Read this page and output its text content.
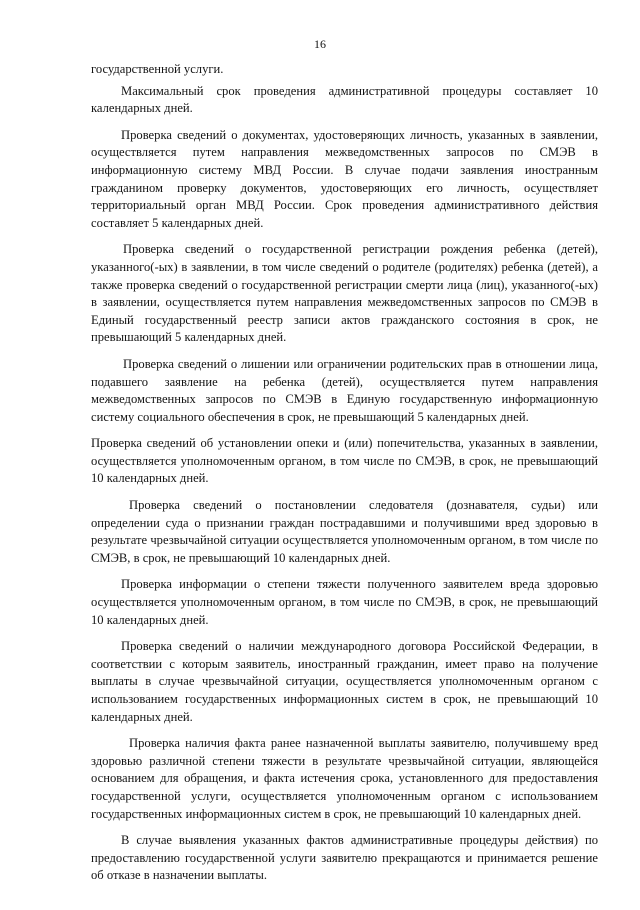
16

государственной услуги.

Максимальный срок проведения административной процедуры составляет 10 календарных дней.

Проверка сведений о документах, удостоверяющих личность, указанных в заявлении, осуществляется путем направления межведомственных запросов по СМЭВ в информационную систему МВД России. В случае подачи заявления иностранным гражданином проверку документов, удостоверяющих его личность, осуществляет территориальный орган МВД России. Срок проведения административного действия составляет 5 календарных дней.

Проверка сведений о государственной регистрации рождения ребенка (детей), указанного(-ых) в заявлении, в том числе сведений о родителе (родителях) ребенка (детей), а также проверка сведений о государственной регистрации смерти лица (лиц), указанного(-ых) в заявлении, осуществляется путем направления межведомственных запросов по СМЭВ в Единый государственный реестр записи актов гражданского состояния в срок, не превышающий 5 календарных дней.

Проверка сведений о лишении или ограничении родительских прав в отношении лица, подавшего заявление на ребенка (детей), осуществляется путем направления межведомственных запросов по СМЭВ в Единую государственную информационную систему социального обеспечения в срок, не превышающий 5 календарных дней.

Проверка сведений об установлении опеки и (или) попечительства, указанных в заявлении, осуществляется уполномоченным органом, в том числе по СМЭВ, в срок, не превышающий 10 календарных дней.

Проверка сведений о постановлении следователя (дознавателя, судьи) или определении суда о признании граждан пострадавшими и получившими вред здоровью в результате чрезвычайной ситуации осуществляется уполномоченным органом, в том числе по СМЭВ, в срок, не превышающий 10 календарных дней.

Проверка информации о степени тяжести полученного заявителем вреда здоровью осуществляется уполномоченным органом, в том числе по СМЭВ, в срок, не превышающий 10 календарных дней.

Проверка сведений о наличии международного договора Российской Федерации, в соответствии с которым заявитель, иностранный гражданин, имеет право на получение выплаты в случае чрезвычайной ситуации, осуществляется уполномоченным органом с использованием государственных информационных систем в срок, не превышающий 10 календарных дней.

Проверка наличия факта ранее назначенной выплаты заявителю, получившему вред здоровью различной степени тяжести в результате чрезвычайной ситуации, являющейся основанием для обращения, и факта истечения срока, установленного для предоставления государственной услуги, осуществляется уполномоченным органом с использованием государственных информационных систем в срок, не превышающий 10 календарных дней.

В случае выявления указанных фактов административные процедуры действия) по предоставлению государственной услуги заявителю прекращаются и принимается решение об отказе в назначении выплаты.
